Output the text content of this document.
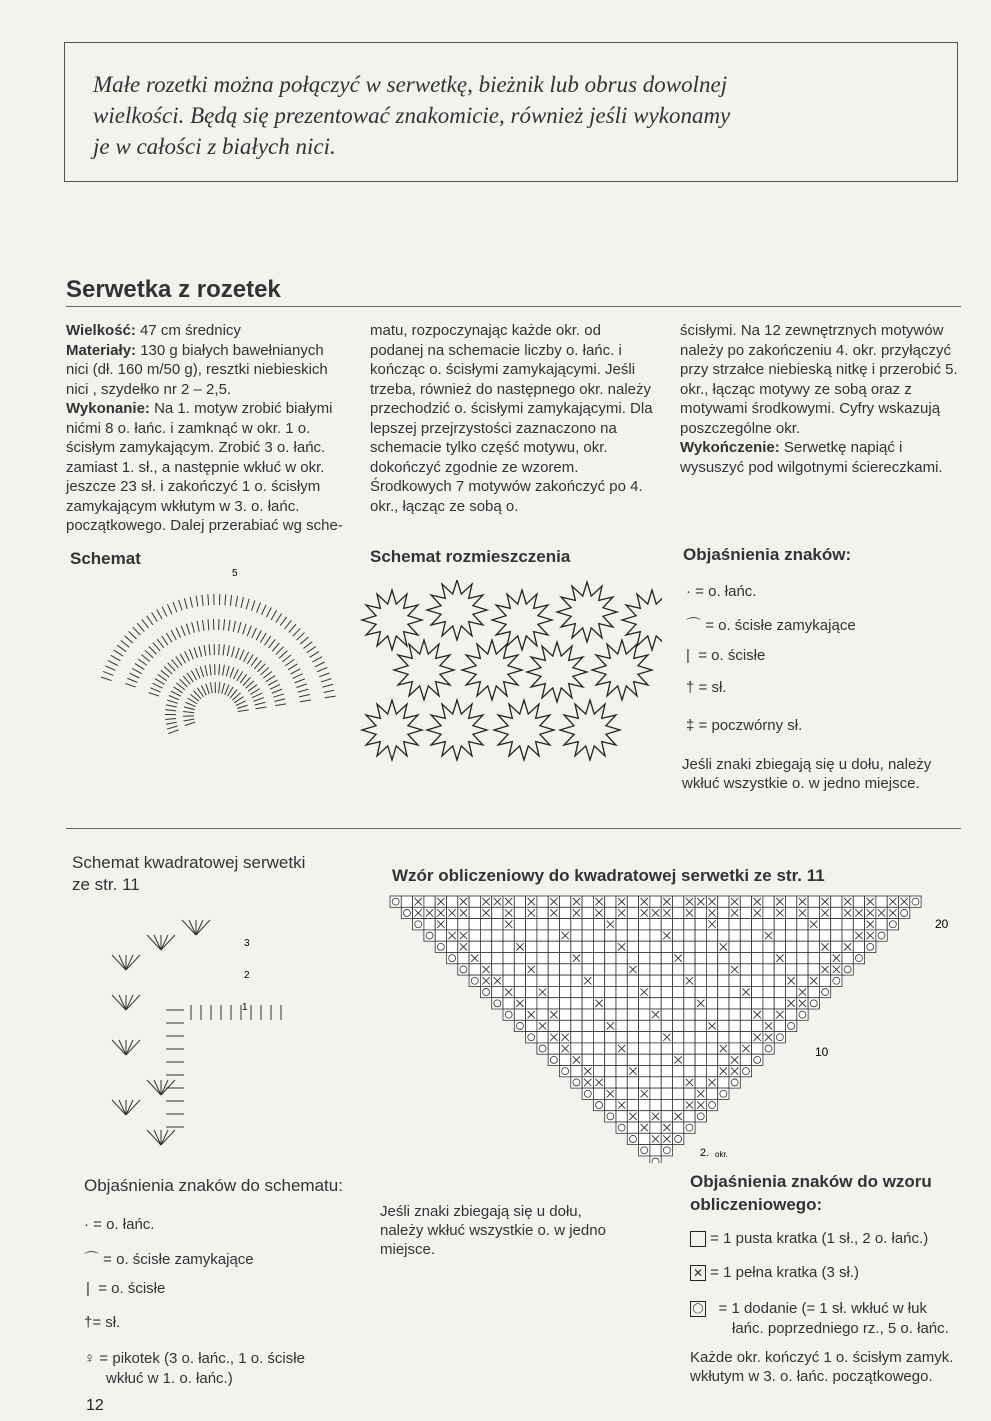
Małe rozetki można połączyć w serwetkę, bieżnik lub obrus dowolnej

wielkości. Będą się prezentować znakomicie, również jeśli wykonamy

je w całości z białych nici.

Serwetka z rozetek
Wielkość: 47 cm średnicy
Materiały: 130 g białych bawełnianych nici (dł. 160 m/50 g), resztki niebieskich nici , szydełko nr 2 – 2,5.
Wykonanie: Na 1. motyw zrobić białymi nićmi 8 o. łańc. i zamknąć w okr. 1 o. ścisłym zamykającym. Zrobić 3 o. łańc. zamiast 1. sł., a następnie wkłuć w okr. jeszcze 23 sł. i zakończyć 1 o. ścisłym zamykającym wkłutym w 3. o. łańc. początkowego. Dalej przerabiać wg sche-
matu, rozpoczynając każde okr. od podanej na schemacie liczby o. łańc. i kończąc o. ścisłymi zamykającymi. Jeśli trzeba, również do następnego okr. należy przechodzić o. ścisłymi zamykającymi. Dla lepszej przejrzystości zaznaczono na schemacie tylko część motywu, okr. dokończyć zgodnie ze wzorem. Środkowych 7 motywów zakończyć po 4. okr., łącząc ze sobą o.
ścisłymi. Na 12 zewnętrznych motywów należy po zakończeniu 4. okr. przyłączyć przy strzałce niebieską nitkę i przerobić 5. okr., łącząc motywy ze sobą oraz z motywami środkowymi. Cyfry wskazują poszczególne okr.
Wykończenie: Serwetkę napiąć i wysuszyć pod wilgotnymi ściereczkami.
Schemat	Schemat rozmieszczenia	Objaśnienia znaków:
5
· = o. łańc.
⌒ = o. ścisłe zamykające
| = o. ścisłe
† = sł.
‡ = poczwórny sł.
Jeśli znaki zbiegają się u dołu, należy wkłuć wszystkie o. w jedno miejsce.
Schemat kwadratowej serwetki
ze str. 11
3
2
1
Wzór obliczeniowy do kwadratowej serwetki ze str. 11
20
10
2. okr.
Objaśnienia znaków do schematu:
· = o. łańc.
⌒ = o. ścisłe zamykające
|  = o. ścisłe
†= sł.
♀ = pikotek (3 o. łańc., 1 o. ścisłe
wkłuć w 1. o. łańc.)
Jeśli znaki zbiegają się u dołu,
należy wkłuć wszystkie o. w jedno
miejsce.
Objaśnienia znaków do wzoru
obliczeniowego:
= 1 pusta kratka (1 sł., 2 o. łańc.)
✕ = 1 pełna kratka (3 sł.)
◯ = 1 dodanie (= 1 sł. wkłuć w łuk
łańc. poprzedniego rz., 5 o. łańc.
Każde okr. kończyć 1 o. ścisłym zamyk.
wkłutym w 3. o. łańc. początkowego.
12
